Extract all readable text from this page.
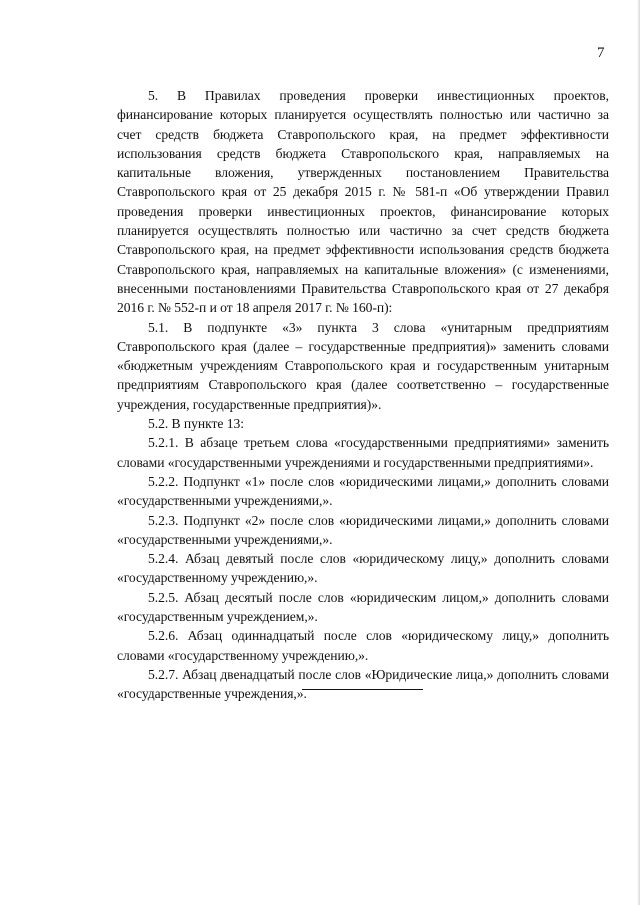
7

5. В Правилах проведения проверки инвестиционных проектов, финансирование которых планируется осуществлять полностью или частично за счет средств бюджета Ставропольского края, на предмет эффективности использования средств бюджета Ставропольского края, направляемых на капитальные вложения, утвержденных постановлением Правительства Ставропольского края от 25 декабря 2015 г. № 581-п «Об утверждении Правил проведения проверки инвестиционных проектов, финансирование которых планируется осуществлять полностью или частично за счет средств бюджета Ставропольского края, на предмет эффективности использования средств бюджета Ставропольского края, направляемых на капитальные вложения» (с изменениями, внесенными постановлениями Правительства Ставропольского края от 27 декабря 2016 г. № 552-п и от 18 апреля 2017 г. № 160-п):

5.1. В подпункте «3» пункта 3 слова «унитарным предприятиям Ставропольского края (далее – государственные предприятия)» заменить словами «бюджетным учреждениям Ставропольского края и государственным унитарным предприятиям Ставропольского края (далее соответственно – государственные учреждения, государственные предприятия)».

5.2. В пункте 13:

5.2.1. В абзаце третьем слова «государственными предприятиями» заменить словами «государственными учреждениями и государственными предприятиями».

5.2.2. Подпункт «1» после слов «юридическими лицами,» дополнить словами «государственными учреждениями,».

5.2.3. Подпункт «2» после слов «юридическими лицами,» дополнить словами «государственными учреждениями,».

5.2.4. Абзац девятый после слов «юридическому лицу,» дополнить словами «государственному учреждению,».

5.2.5. Абзац десятый после слов «юридическим лицом,» дополнить словами «государственным учреждением,».

5.2.6. Абзац одиннадцатый после слов «юридическому лицу,» дополнить словами «государственному учреждению,».

5.2.7. Абзац двенадцатый после слов «Юридические лица,» дополнить словами «государственные учреждения,».
